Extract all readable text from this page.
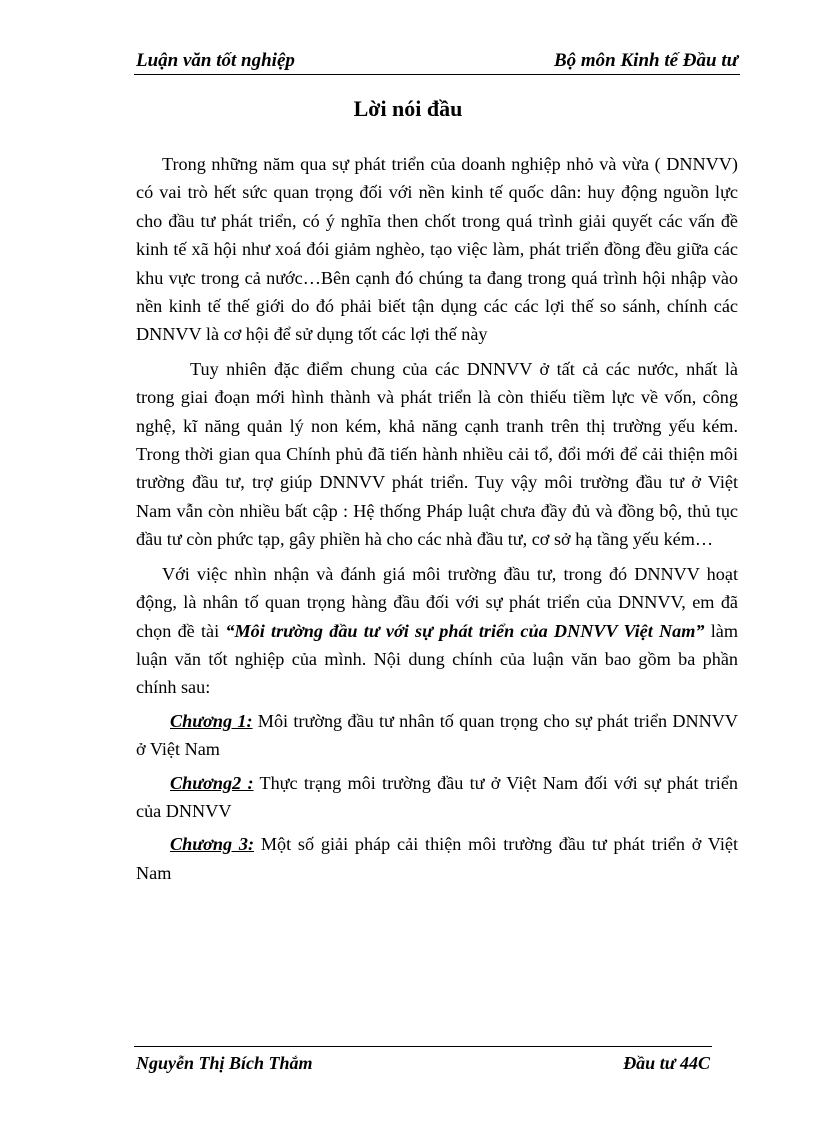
Luận văn tốt nghiệp	Bộ môn Kinh tế Đầu tư
Lời nói đầu

Trong những năm qua sự phát triển của doanh nghiệp nhỏ và vừa ( DNNVV) có vai trò hết sức quan trọng đối với nền kinh tế quốc dân: huy động nguồn lực cho đầu tư phát triển, có ý nghĩa then chốt trong quá trình giải quyết các vấn đề kinh tế xã hội như xoá đói giảm nghèo, tạo việc làm, phát triển đồng đều giữa các khu vực trong cả nước…Bên cạnh đó chúng ta đang trong quá trình hội nhập vào nền kinh tế thế giới do đó phải biết tận dụng các các lợi thế so sánh, chính các DNNVV là cơ hội để sử dụng tốt các lợi thế này

Tuy nhiên đặc điểm chung của các DNNVV ở tất cả các nước, nhất là trong giai đoạn mới hình thành và phát triển là còn thiếu tiềm lực về vốn, công nghệ, kĩ năng quản lý non kém, khả năng cạnh tranh trên thị trường yếu kém. Trong thời gian qua Chính phủ đã tiến hành nhiều cải tổ, đổi mới để cải thiện môi trường đầu tư, trợ giúp DNNVV phát triển. Tuy vậy môi trường đầu tư ở Việt Nam vẫn còn nhiều bất cập : Hệ thống Pháp luật chưa đầy đủ và đồng bộ, thủ tục đầu tư còn phức tạp, gây phiền hà cho các nhà đầu tư, cơ sở hạ tầng yếu kém…

Với việc nhìn nhận và đánh giá môi trường đầu tư, trong đó DNNVV hoạt động, là nhân tố quan trọng hàng đầu đối với sự phát triển của DNNVV, em đã chọn đề tài “Môi trường đầu tư với sự phát triển của DNNVV Việt Nam” làm luận văn tốt nghiệp của mình. Nội dung chính của luận văn bao gồm ba phần chính sau:

Chương 1: Môi trường đầu tư nhân tố quan trọng cho sự phát triển DNNVV ở Việt Nam

Chương2 : Thực trạng môi trường đầu tư ở Việt Nam đối với sự phát triển của DNNVV

Chương 3: Một số giải pháp cải thiện môi trường đầu tư phát triển ở Việt Nam

Nguyễn Thị Bích Thắm	Đầu tư 44C
